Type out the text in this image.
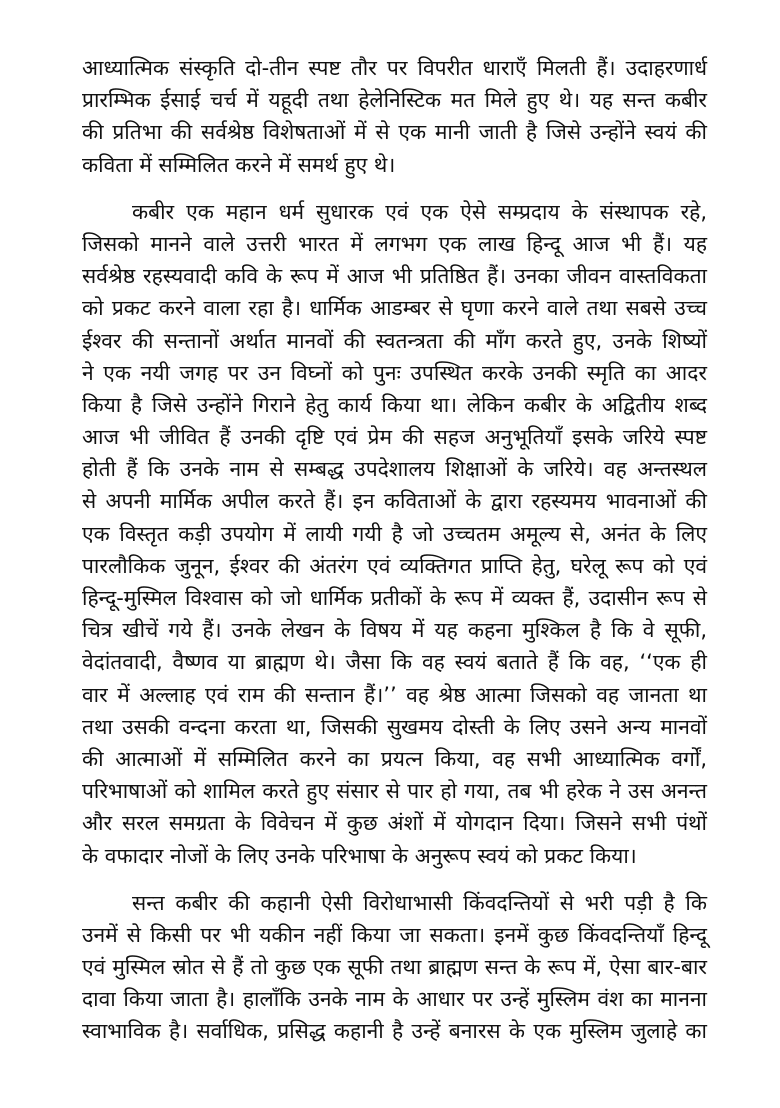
आध्यात्मिक संस्कृति दो-तीन स्पष्ट तौर पर विपरीत धाराएँ मिलती हैं। उदाहरणार्ध
प्रारम्भिक ईसाई चर्च में यहूदी तथा हेलेनिस्टिक मत मिले हुए थे। यह सन्त कबीर
की प्रतिभा की सर्वश्रेष्ठ विशेषताओं में से एक मानी जाती है जिसे उन्होंने स्वयं की
कविता में सम्मिलित करने में समर्थ हुए थे।
कबीर एक महान धर्म सुधारक एवं एक ऐसे सम्प्रदाय के संस्थापक रहे,
जिसको मानने वाले उत्तरी भारत में लगभग एक लाख हिन्दू आज भी हैं। यह
सर्वश्रेष्ठ रहस्यवादी कवि के रूप में आज भी प्रतिष्ठित हैं। उनका जीवन वास्तविकता
को प्रकट करने वाला रहा है। धार्मिक आडम्बर से घृणा करने वाले तथा सबसे उच्च
ईश्वर की सन्तानों अर्थात मानवों की स्वतन्त्रता की माँग करते हुए, उनके शिष्यों
ने एक नयी जगह पर उन विघ्नों को पुनः उपस्थित करके उनकी स्मृति का आदर
किया है जिसे उन्होंने गिराने हेतु कार्य किया था। लेकिन कबीर के अद्वितीय शब्द
आज भी जीवित हैं उनकी दृष्टि एवं प्रेम की सहज अनुभूतियाँ इसके जरिये स्पष्ट
होती हैं कि उनके नाम से सम्बद्ध उपदेशालय शिक्षाओं के जरिये। वह अन्तस्थल
से अपनी मार्मिक अपील करते हैं। इन कविताओं के द्वारा रहस्यमय भावनाओं की
एक विस्तृत कड़ी उपयोग में लायी गयी है जो उच्चतम अमूल्य से, अनंत के लिए
पारलौकिक जुनून, ईश्वर की अंतरंग एवं व्यक्तिगत प्राप्ति हेतु, घरेलू रूप को एवं
हिन्दू-मुस्मिल विश्वास को जो धार्मिक प्रतीकों के रूप में व्यक्त हैं, उदासीन रूप से
चित्र खीचें गये हैं। उनके लेखन के विषय में यह कहना मुश्किल है कि वे सूफी,
वेदांतवादी, वैष्णव या ब्राह्मण थे। जैसा कि वह स्वयं बताते हैं कि वह, ‘‘एक ही
वार में अल्लाह एवं राम की सन्तान हैं।’’ वह श्रेष्ठ आत्मा जिसको वह जानता था
तथा उसकी वन्दना करता था, जिसकी सुखमय दोस्ती के लिए उसने अन्य मानवों
की आत्माओं में सम्मिलित करने का प्रयत्न किया, वह सभी आध्यात्मिक वर्गों,
परिभाषाओं को शामिल करते हुए संसार से पार हो गया, तब भी हरेक ने उस अनन्त
और सरल समग्रता के विवेचन में कुछ अंशों में योगदान दिया। जिसने सभी पंथों
के वफादार नोजों के लिए उनके परिभाषा के अनुरूप स्वयं को प्रकट किया।
सन्त कबीर की कहानी ऐसी विरोधाभासी किंवदन्तियों से भरी पड़ी है कि
उनमें से किसी पर भी यकीन नहीं किया जा सकता। इनमें कुछ किंवदन्तियाँ हिन्दू
एवं मुस्मिल स्रोत से हैं तो कुछ एक सूफी तथा ब्राह्मण सन्त के रूप में, ऐसा बार-बार
दावा किया जाता है। हालाँकि उनके नाम के आधार पर उन्हें मुस्लिम वंश का मानना
स्वाभाविक है। सर्वाधिक, प्रसिद्ध कहानी है उन्हें बनारस के एक मुस्लिम जुलाहे का
